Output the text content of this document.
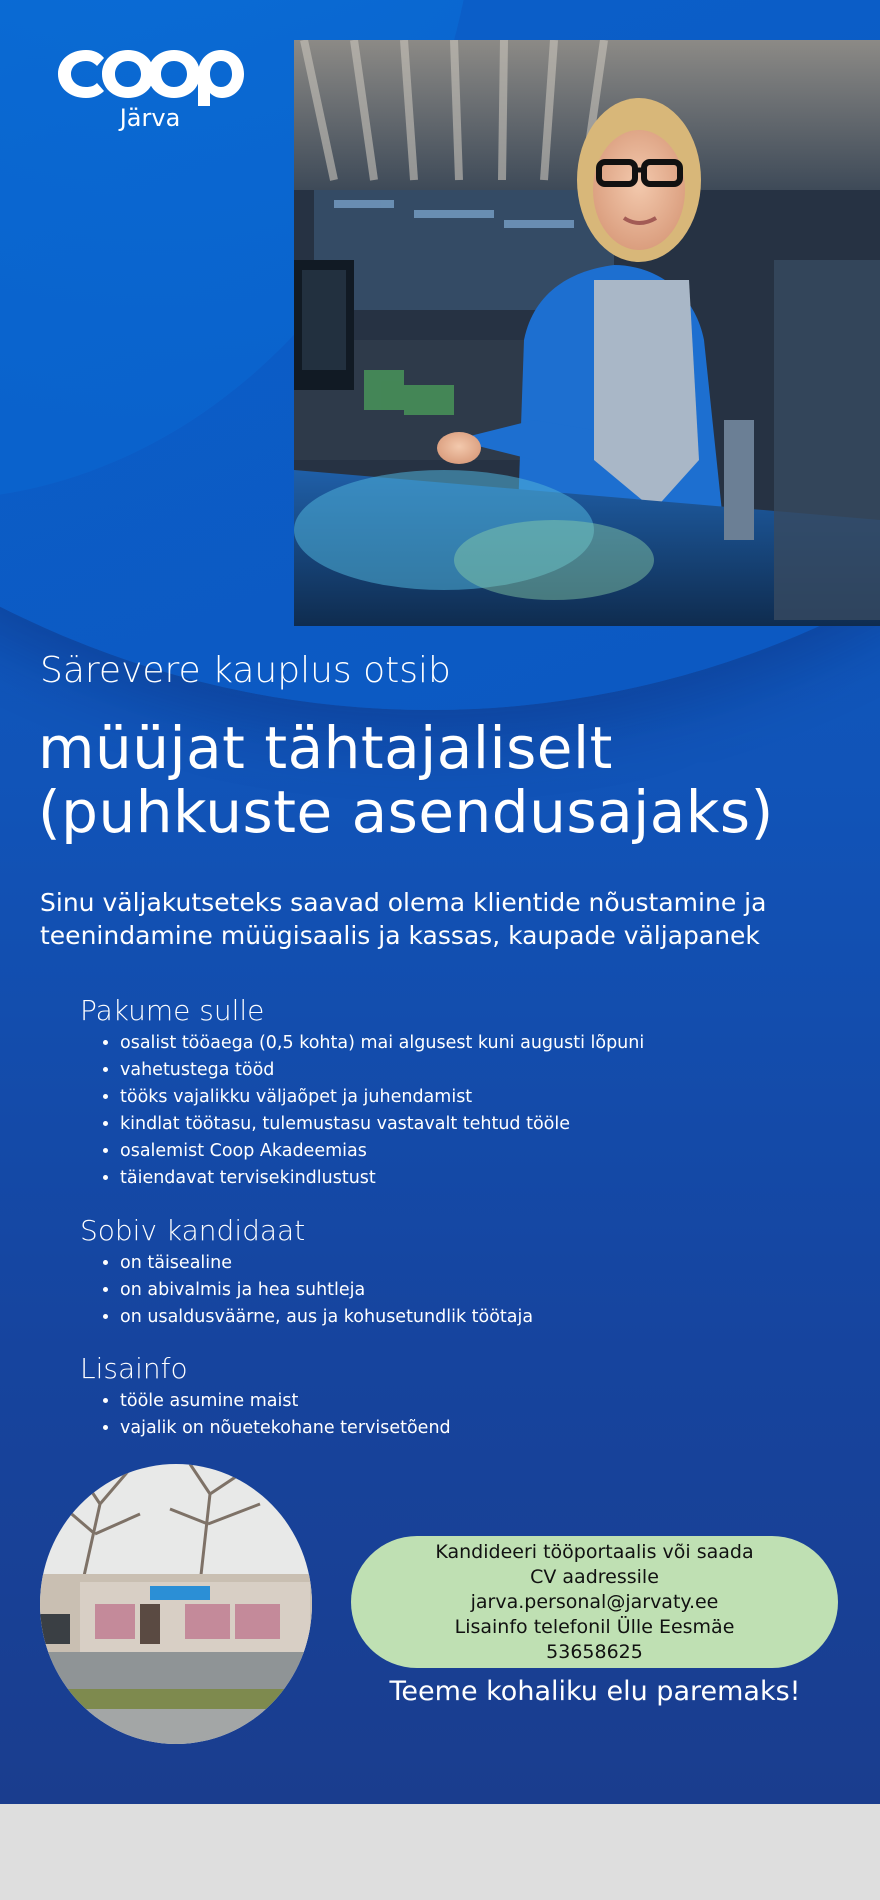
Järva
Särevere kauplus otsib
müüjat tähtajaliselt
(puhkuste asendusajaks)
Sinu väljakutseteks saavad olema klientide nõustamine ja
teenindamine müügisaalis ja kassas, kaupade väljapanek
Pakume sulle
• osalist tööaega (0,5 kohta) mai algusest kuni augusti lõpuni
• vahetustega tööd
• tööks vajalikku väljaõpet ja juhendamist
• kindlat töötasu, tulemustasu vastavalt tehtud tööle
• osalemist Coop Akadeemias
• täiendavat tervisekindlustust
Sobiv kandidaat
• on täisealine
• on abivalmis ja hea suhtleja
• on usaldusväärne, aus ja kohusetundlik töötaja
Lisainfo
• tööle asumine maist
• vajalik on nõuetekohane tervisetõend
Kandideeri tööportaalis või saada
CV aadressile
jarva.personal@jarvaty.ee
Lisainfo telefonil Ülle Eesmäe
53658625
Teeme kohaliku elu paremaks!
